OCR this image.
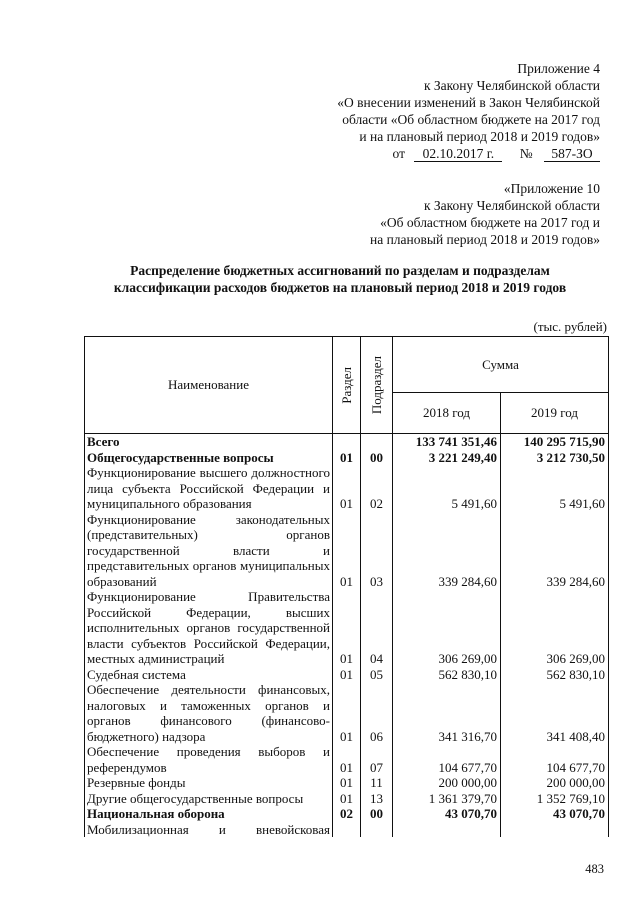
Приложение 4
к Закону Челябинской области
«О внесении изменений в Закон Челябинской
области «Об областном бюджете на 2017 год
и на плановый период 2018 и 2019 годов»
от 02.10.2017 г. № 587-ЗО
«Приложение 10
к Закону Челябинской области
«Об областном бюджете на 2017 год и
на плановый период 2018 и 2019 годов»
Распределение бюджетных ассигнований по разделам и подразделам
классификации расходов бюджетов на плановый период 2018 и 2019 годов
(тыс. рублей)
Наименование	Раздел	Подраздел	Сумма	
			2018 год	2019 год
Всего			133 741 351,46	140 295 715,90
Общегосударственные вопросы	01	00	3 221 249,40	3 212 730,50
Функционирование высшего должностного лица субъекта Российской Федерации и муниципального образования	01	02	5 491,60	5 491,60
Функционирование законодательных (представительных) органов государственной власти и представительных органов муниципальных образований	01	03	339 284,60	339 284,60
Функционирование Правительства Российской Федерации, высших исполнительных органов государственной власти субъектов Российской Федерации, местных администраций	01	04	306 269,00	306 269,00
Судебная система	01	05	562 830,10	562 830,10
Обеспечение деятельности финансовых, налоговых и таможенных органов и органов финансового (финансово-бюджетного) надзора	01	06	341 316,70	341 408,40
Обеспечение проведения выборов и референдумов	01	07	104 677,70	104 677,70
Резервные фонды	01	11	200 000,00	200 000,00
Другие общегосударственные вопросы	01	13	1 361 379,70	1 352 769,10
Национальная оборона	02	00	43 070,70	43 070,70
Мобилизационная и вневойсковая				
483
